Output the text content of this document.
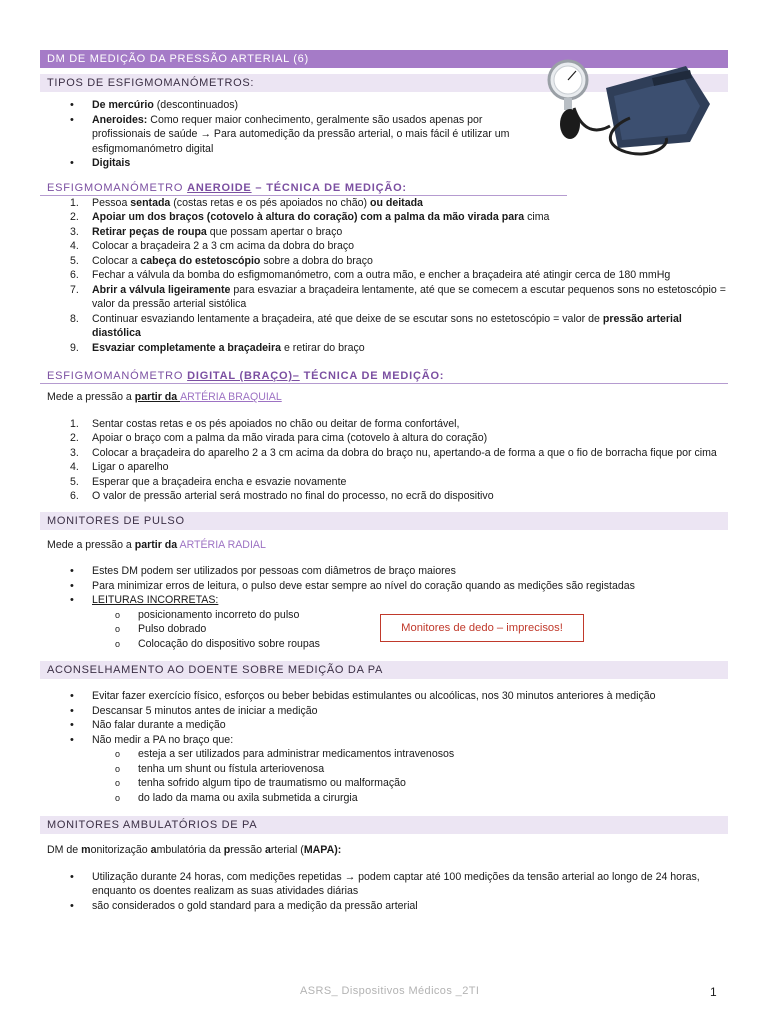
DM DE MEDIÇÃO DA PRESSÃO ARTERIAL (6)
TIPOS DE ESFIGMOMANÓMETROS:
• De mercúrio (descontinuados)
• Aneroides: Como requer maior conhecimento, geralmente são usados apenas por profissionais de saúde → Para automedição da pressão arterial, o mais fácil é utilizar um esfigmomanómetro digital
• Digitais
ESFIGMOMANÓMETRO ANEROIDE – TÉCNICA DE MEDIÇÃO:
1. Pessoa sentada (costas retas e os pés apoiados no chão) ou deitada
2. Apoiar um dos braços (cotovelo à altura do coração) com a palma da mão virada para cima
3. Retirar peças de roupa que possam apertar o braço
4. Colocar a braçadeira 2 a 3 cm acima da dobra do braço
5. Colocar a cabeça do estetoscópio sobre a dobra do braço
6. Fechar a válvula da bomba do esfigmomanómetro, com a outra mão, e encher a braçadeira até atingir cerca de 180 mmHg
7. Abrir a válvula ligeiramente para esvaziar a braçadeira lentamente, até que se comecem a escutar pequenos sons no estetoscópio = valor da pressão arterial sistólica
8. Continuar esvaziando lentamente a braçadeira, até que deixe de se escutar sons no estetoscópio = valor de pressão arterial diastólica
9. Esvaziar completamente a braçadeira e retirar do braço
ESFIGMOMANÓMETRO DIGITAL (BRAÇO)– TÉCNICA DE MEDIÇÃO:
Mede a pressão a partir da ARTÉRIA BRAQUIAL
1. Sentar costas retas e os pés apoiados no chão ou deitar de forma confortável,
2. Apoiar o braço com a palma da mão virada para cima (cotovelo à altura do coração)
3. Colocar a braçadeira do aparelho 2 a 3 cm acima da dobra do braço nu, apertando-a de forma a que o fio de borracha fique por cima
4. Ligar o aparelho
5. Esperar que a braçadeira encha e esvazie novamente
6. O valor de pressão arterial será mostrado no final do processo, no ecrã do dispositivo
MONITORES DE PULSO
Mede a pressão a partir da ARTÉRIA RADIAL
• Estes DM podem ser utilizados por pessoas com diâmetros de braço maiores
• Para minimizar erros de leitura, o pulso deve estar sempre ao nível do coração quando as medições são registadas
• LEITURAS INCORRETAS:
o posicionamento incorreto do pulso
o Pulso dobrado
o Colocação do dispositivo sobre roupas
ACONSELHAMENTO AO DOENTE SOBRE MEDIÇÃO DA PA
• Evitar fazer exercício físico, esforços ou beber bebidas estimulantes ou alcoólicas, nos 30 minutos anteriores à medição
• Descansar 5 minutos antes de iniciar a medição
• Não falar durante a medição
• Não medir a PA no braço que:
o esteja a ser utilizados para administrar medicamentos intravenosos
o tenha um shunt ou fístula arteriovenosa
o tenha sofrido algum tipo de traumatismo ou malformação
o do lado da mama ou axila submetida a cirurgia
MONITORES AMBULATÓRIOS DE PA
DM de monitorização ambulatória da pressão arterial (MAPA):
• Utilização durante 24 horas, com medições repetidas → podem captar até 100 medições da tensão arterial ao longo de 24 horas, enquanto os doentes realizam as suas atividades diárias
• são considerados o gold standard para a medição da pressão arterial
Monitores de dedo – imprecisos!
ASRS_ Dispositivos Médicos _2TI	1
